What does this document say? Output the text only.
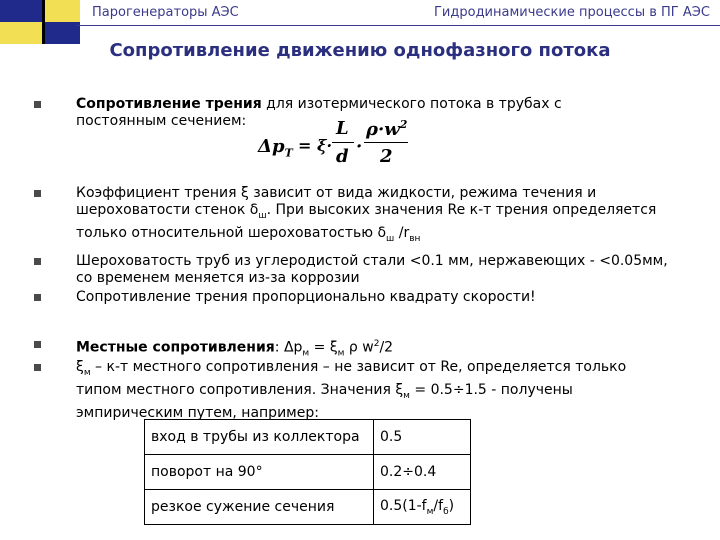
Парогенераторы АЭС	Гидродинамические процессы в ПГ АЭС
Сопротивление движению однофазного потока
Сопротивление трения для изотермического потока в трубах с
постоянным сечением:
$\Delta p_T = \xi\cdot$
L
d ·
$\rho\cdot w^2$
2
Коэффициент трения ξ зависит от вида жидкости, режима течения и
шероховатости стенок $\delta_ш$. При высоких значения Re к-т трения определяется
только относительной шероховатостью $\delta_ш$ $/r_{вн}$
Шероховатость труб из углеродистой стали <0.1 мм, нержавеющих - <0.05мм,
со временем меняется из-за коррозии
Сопротивление трения пропорционально квадрату скорости!
Местные сопротивления: $\Delta p_м = \xi_м$ ρ $w^2/2$
$\xi_м - к-т$ местного сопротивления – не зависит от Re, определяется только
типом местного сопротивления. Значения $\xi_м = 0.5\div 1.5$ - получены
эмпирическим путем, например:
вход в трубы из коллектора	0.5
поворот на 90°	0.2÷0.4
резкое сужение сечения	$0.5(1-f_м/f_б)$
